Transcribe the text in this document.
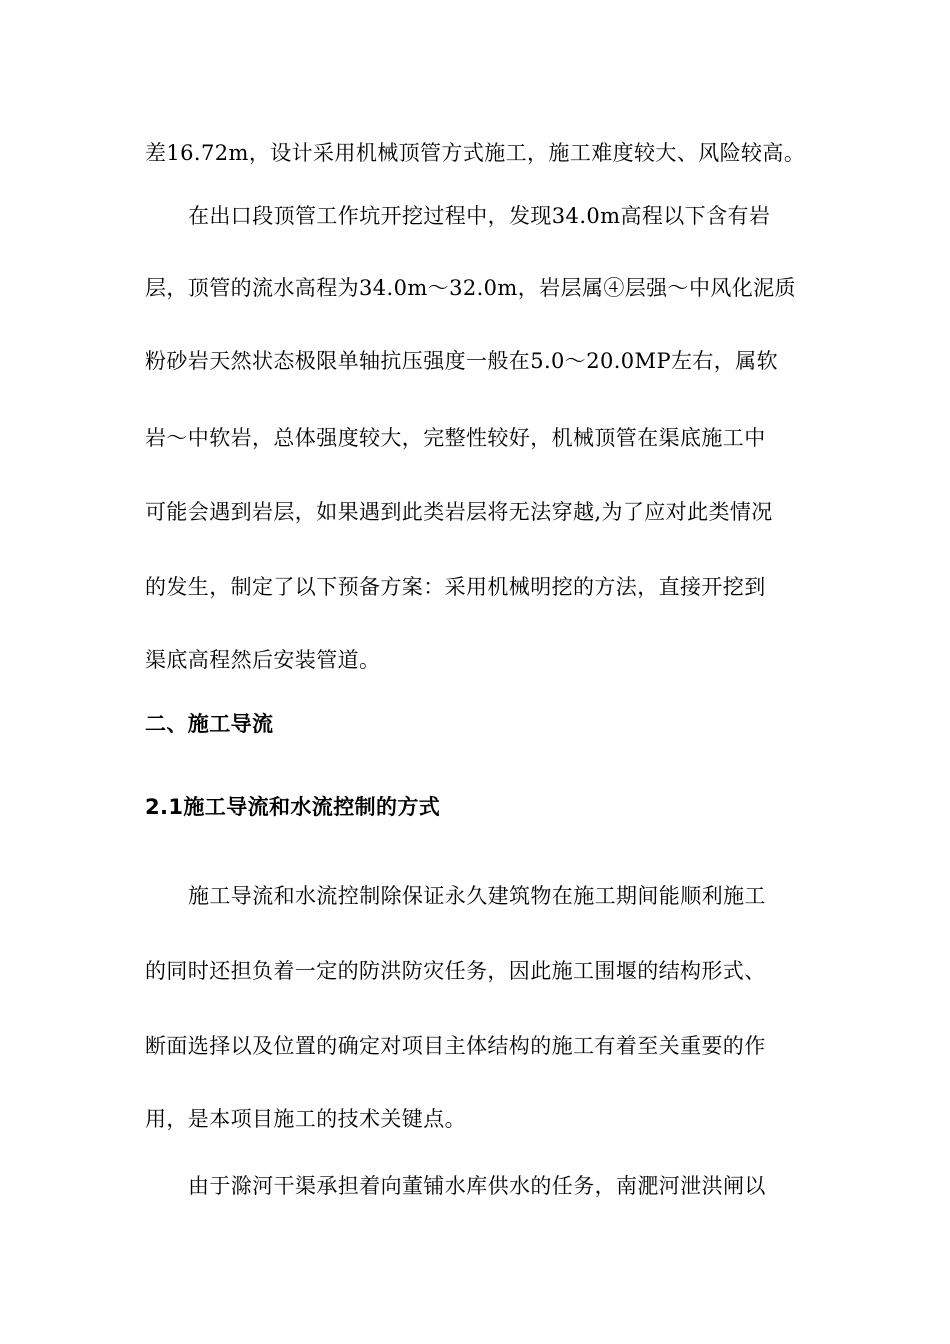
差16.72m，设计采用机械顶管方式施工，施工难度较大、风险较高。
在出口段顶管工作坑开挖过程中，发现34.0m高程以下含有岩
层，顶管的流水高程为34.0m～32.0m，岩层属④层强～中风化泥质
粉砂岩天然状态极限单轴抗压强度一般在5.0～20.0MP左右，属软
岩～中软岩，总体强度较大，完整性较好，机械顶管在渠底施工中
可能会遇到岩层，如果遇到此类岩层将无法穿越,为了应对此类情况
的发生，制定了以下预备方案：采用机械明挖的方法，直接开挖到
渠底高程然后安装管道。
二、施工导流
2.1施工导流和水流控制的方式
施工导流和水流控制除保证永久建筑物在施工期间能顺利施工
的同时还担负着一定的防洪防灾任务，因此施工围堰的结构形式、
断面选择以及位置的确定对项目主体结构的施工有着至关重要的作
用，是本项目施工的技术关键点。
由于滁河干渠承担着向董铺水库供水的任务，南淝河泄洪闸以
